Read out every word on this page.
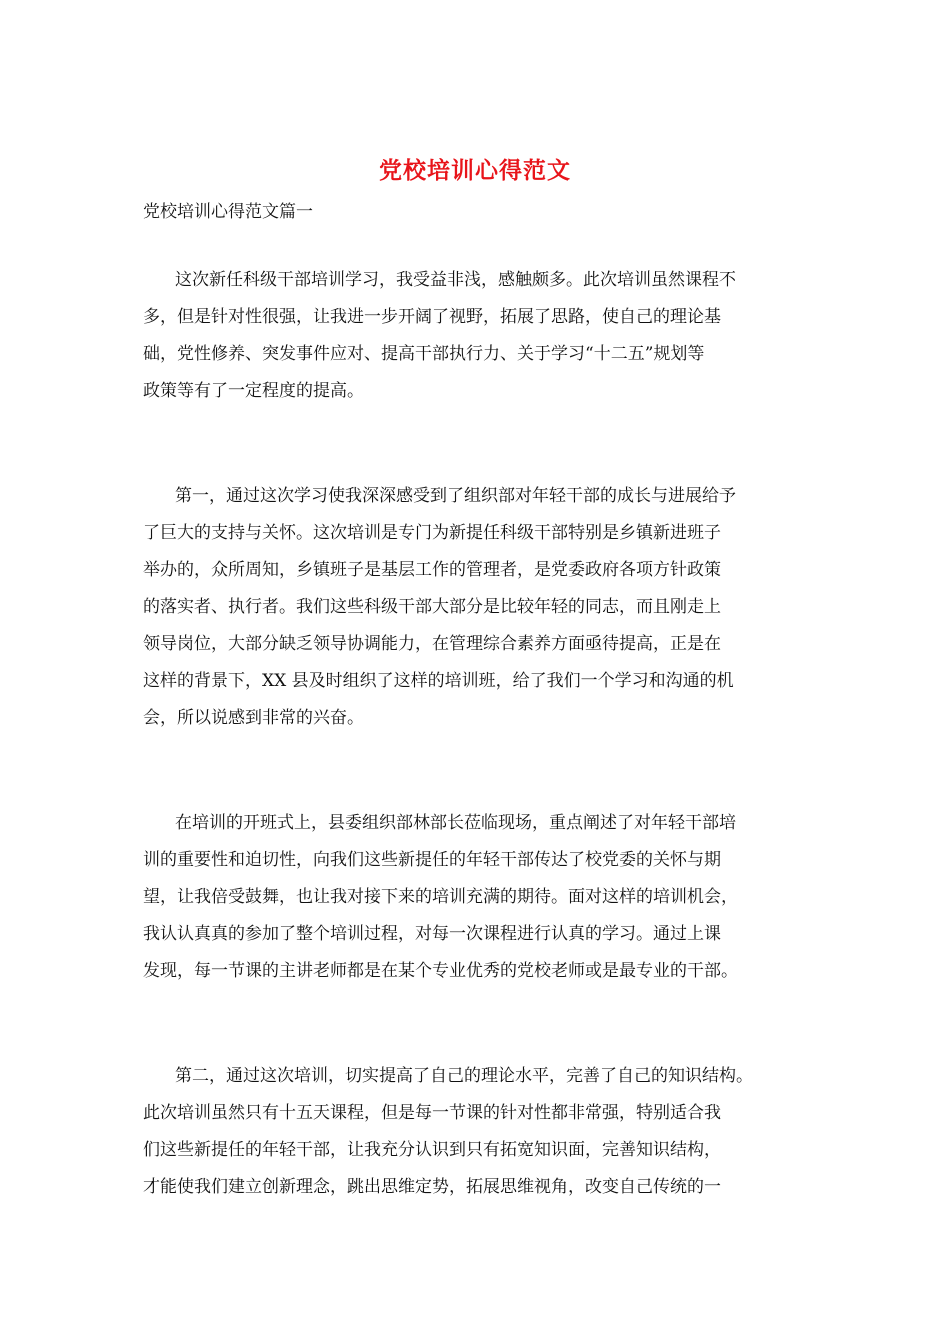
党校培训心得范文
党校培训心得范文篇一
这次新任科级干部培训学习，我受益非浅，感触颇多。此次培训虽然课程不
多，但是针对性很强，让我进一步开阔了视野，拓展了思路，使自己的理论基
础，党性修养、突发事件应对、提高干部执行力、关于学习“十二五”规划等
政策等有了一定程度的提高。
第一，通过这次学习使我深深感受到了组织部对年轻干部的成长与进展给予
了巨大的支持与关怀。这次培训是专门为新提任科级干部特别是乡镇新进班子
举办的，众所周知，乡镇班子是基层工作的管理者，是党委政府各项方针政策
的落实者、执行者。我们这些科级干部大部分是比较年轻的同志，而且刚走上
领导岗位，大部分缺乏领导协调能力，在管理综合素养方面亟待提高，正是在
这样的背景下，XX 县及时组织了这样的培训班，给了我们一个学习和沟通的机
会，所以说感到非常的兴奋。
在培训的开班式上，县委组织部林部长莅临现场，重点阐述了对年轻干部培
训的重要性和迫切性，向我们这些新提任的年轻干部传达了校党委的关怀与期
望，让我倍受鼓舞，也让我对接下来的培训充满的期待。面对这样的培训机会，
我认认真真的参加了整个培训过程，对每一次课程进行认真的学习。通过上课
发现，每一节课的主讲老师都是在某个专业优秀的党校老师或是最专业的干部。
第二，通过这次培训，切实提高了自己的理论水平，完善了自己的知识结构。
此次培训虽然只有十五天课程，但是每一节课的针对性都非常强，特别适合我
们这些新提任的年轻干部，让我充分认识到只有拓宽知识面，完善知识结构，
才能使我们建立创新理念，跳出思维定势，拓展思维视角，改变自己传统的一
